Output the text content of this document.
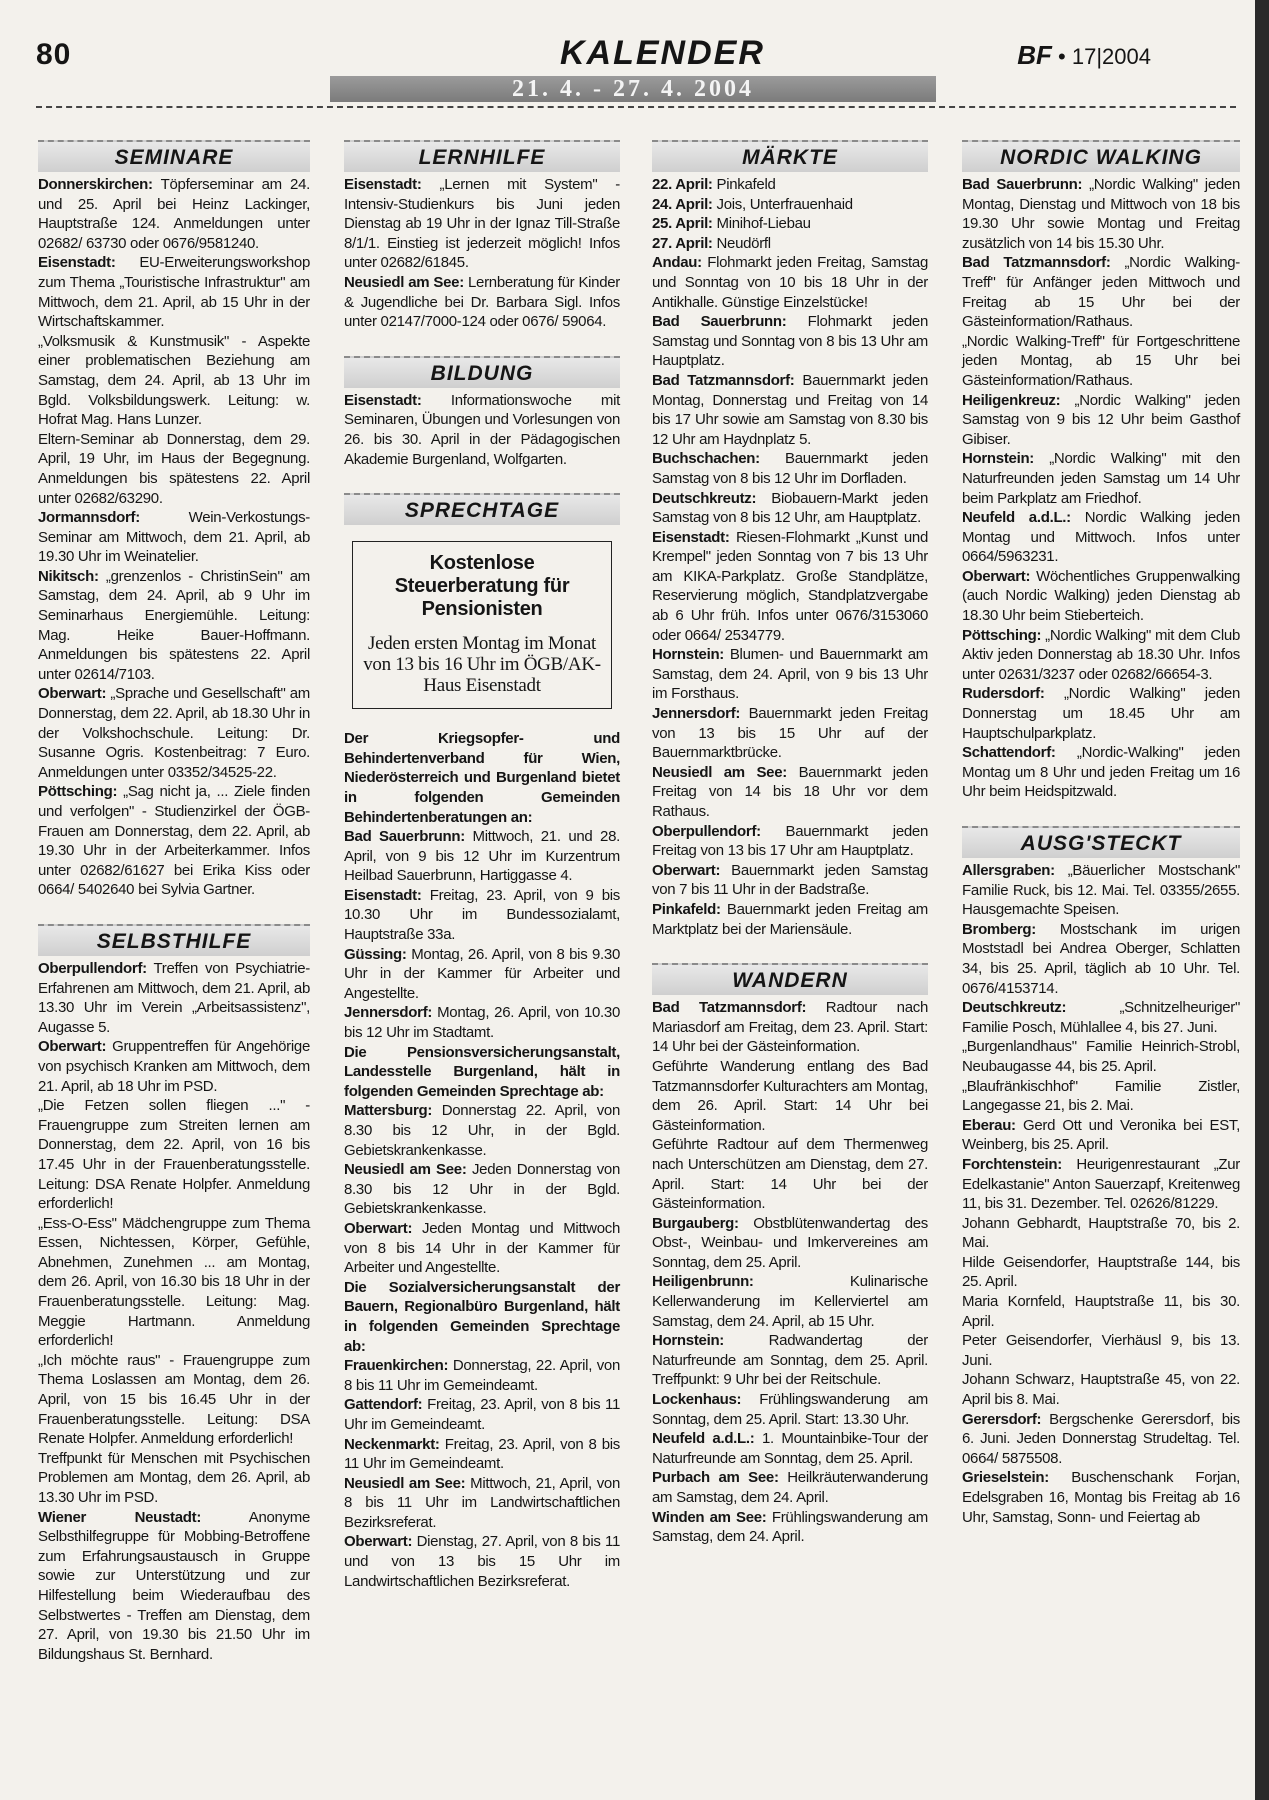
80	KALENDER	BF • 17|2004
21. 4. - 27. 4. 2004
SEMINARE

Donnerskirchen: Töpferseminar am 24. und 25. April bei Heinz Lackinger, Hauptstraße 124. Anmeldungen unter 02682/ 63730 oder 0676/9581240.

Eisenstadt: EU-Erweiterungsworkshop zum Thema „Touristische Infrastruktur" am Mittwoch, dem 21. April, ab 15 Uhr in der Wirtschaftskammer.

„Volksmusik & Kunstmusik" - Aspekte einer problematischen Beziehung am Samstag, dem 24. April, ab 13 Uhr im Bgld. Volksbildungswerk. Leitung: w. Hofrat Mag. Hans Lunzer.

Eltern-Seminar ab Donnerstag, dem 29. April, 19 Uhr, im Haus der Begegnung. Anmeldungen bis spätestens 22. April unter 02682/63290.

Jormannsdorf: Wein-Verkostungs-Seminar am Mittwoch, dem 21. April, ab 19.30 Uhr im Weinatelier.

Nikitsch: „grenzenlos - ChristinSein" am Samstag, dem 24. April, ab 9 Uhr im Seminarhaus Energiemühle. Leitung: Mag. Heike Bauer-Hoffmann. Anmeldungen bis spätestens 22. April unter 02614/7103.

Oberwart: „Sprache und Gesellschaft" am Donnerstag, dem 22. April, ab 18.30 Uhr in der Volkshochschule. Leitung: Dr. Susanne Ogris. Kostenbeitrag: 7 Euro. Anmeldungen unter 03352/34525-22.

Pöttsching: „Sag nicht ja, ... Ziele finden und verfolgen" - Studienzirkel der ÖGB-Frauen am Donnerstag, dem 22. April, ab 19.30 Uhr in der Arbeiterkammer. Infos unter 02682/61627 bei Erika Kiss oder 0664/ 5402640 bei Sylvia Gartner.

SELBSTHILFE

Oberpullendorf: Treffen von Psychiatrie-Erfahrenen am Mittwoch, dem 21. April, ab 13.30 Uhr im Verein „Arbeitsassistenz", Augasse 5.

Oberwart: Gruppentreffen für Angehörige von psychisch Kranken am Mittwoch, dem 21. April, ab 18 Uhr im PSD.

„Die Fetzen sollen fliegen ..." - Frauengruppe zum Streiten lernen am Donnerstag, dem 22. April, von 16 bis 17.45 Uhr in der Frauenberatungsstelle. Leitung: DSA Renate Holpfer. Anmeldung erforderlich!

„Ess-O-Ess" Mädchengruppe zum Thema Essen, Nichtessen, Körper, Gefühle, Abnehmen, Zunehmen ... am Montag, dem 26. April, von 16.30 bis 18 Uhr in der Frauenberatungsstelle. Leitung: Mag. Meggie Hartmann. Anmeldung erforderlich!

„Ich möchte raus" - Frauengruppe zum Thema Loslassen am Montag, dem 26. April, von 15 bis 16.45 Uhr in der Frauenberatungsstelle. Leitung: DSA Renate Holpfer. Anmeldung erforderlich!

Treffpunkt für Menschen mit Psychischen Problemen am Montag, dem 26. April, ab 13.30 Uhr im PSD.

Wiener Neustadt: Anonyme Selbsthilfegruppe für Mobbing-Betroffene zum Erfahrungsaustausch in Gruppe sowie zur Unterstützung und zur Hilfestellung beim Wiederaufbau des Selbstwertes - Treffen am Dienstag, dem 27. April, von 19.30 bis 21.50 Uhr im Bildungshaus St. Bernhard.

LERNHILFE

Eisenstadt: „Lernen mit System" - Intensiv-Studienkurs bis Juni jeden Dienstag ab 19 Uhr in der Ignaz Till-Straße 8/1/1. Einstieg ist jederzeit möglich! Infos unter 02682/61845.

Neusiedl am See: Lernberatung für Kinder & Jugendliche bei Dr. Barbara Sigl. Infos unter 02147/7000-124 oder 0676/ 59064.

BILDUNG

Eisenstadt: Informationswoche mit Seminaren, Übungen und Vorlesungen von 26. bis 30. April in der Pädagogischen Akademie Burgenland, Wolfgarten.

SPRECHTAGE
Kostenlose Steuerberatung für Pensionisten
Jeden ersten Montag im Monat von 13 bis 16 Uhr im ÖGB/AK-Haus Eisenstadt

Der Kriegsopfer- und Behindertenverband für Wien, Niederösterreich und Burgenland bietet in folgenden Gemeinden Behindertenberatungen an:

Bad Sauerbrunn: Mittwoch, 21. und 28. April, von 9 bis 12 Uhr im Kurzentrum Heilbad Sauerbrunn, Hartiggasse 4.

Eisenstadt: Freitag, 23. April, von 9 bis 10.30 Uhr im Bundessozialamt, Hauptstraße 33a.

Güssing: Montag, 26. April, von 8 bis 9.30 Uhr in der Kammer für Arbeiter und Angestellte.

Jennersdorf: Montag, 26. April, von 10.30 bis 12 Uhr im Stadtamt.

Die Pensionsversicherungsanstalt, Landesstelle Burgenland, hält in folgenden Gemeinden Sprechtage ab:

Mattersburg: Donnerstag 22. April, von 8.30 bis 12 Uhr, in der Bgld. Gebietskrankenkasse.

Neusiedl am See: Jeden Donnerstag von 8.30 bis 12 Uhr in der Bgld. Gebietskrankenkasse.

Oberwart: Jeden Montag und Mittwoch von 8 bis 14 Uhr in der Kammer für Arbeiter und Angestellte.

Die Sozialversicherungsanstalt der Bauern, Regionalbüro Burgenland, hält in folgenden Gemeinden Sprechtage ab:

Frauenkirchen: Donnerstag, 22. April, von 8 bis 11 Uhr im Gemeindeamt.

Gattendorf: Freitag, 23. April, von 8 bis 11 Uhr im Gemeindeamt.

Neckenmarkt: Freitag, 23. April, von 8 bis 11 Uhr im Gemeindeamt.

Neusiedl am See: Mittwoch, 21, April, von 8 bis 11 Uhr im Landwirtschaftlichen Bezirksreferat.

Oberwart: Dienstag, 27. April, von 8 bis 11 und von 13 bis 15 Uhr im Landwirtschaftlichen Bezirksreferat.

MÄRKTE

22. April: Pinkafeld

24. April: Jois, Unterfrauenhaid

25. April: Minihof-Liebau

27. April: Neudörfl

Andau: Flohmarkt jeden Freitag, Samstag und Sonntag von 10 bis 18 Uhr in der Antikhalle. Günstige Einzelstücke!

Bad Sauerbrunn: Flohmarkt jeden Samstag und Sonntag von 8 bis 13 Uhr am Hauptplatz.

Bad Tatzmannsdorf: Bauernmarkt jeden Montag, Donnerstag und Freitag von 14 bis 17 Uhr sowie am Samstag von 8.30 bis 12 Uhr am Haydnplatz 5.

Buchschachen: Bauernmarkt jeden Samstag von 8 bis 12 Uhr im Dorfladen.

Deutschkreutz: Biobauern-Markt jeden Samstag von 8 bis 12 Uhr, am Hauptplatz.

Eisenstadt: Riesen-Flohmarkt „Kunst und Krempel" jeden Sonntag von 7 bis 13 Uhr am KIKA-Parkplatz. Große Standplätze, Reservierung möglich, Standplatzvergabe ab 6 Uhr früh. Infos unter 0676/3153060 oder 0664/ 2534779.

Hornstein: Blumen- und Bauernmarkt am Samstag, dem 24. April, von 9 bis 13 Uhr im Forsthaus.

Jennersdorf: Bauernmarkt jeden Freitag von 13 bis 15 Uhr auf der Bauernmarktbrücke.

Neusiedl am See: Bauernmarkt jeden Freitag von 14 bis 18 Uhr vor dem Rathaus.

Oberpullendorf: Bauernmarkt jeden Freitag von 13 bis 17 Uhr am Hauptplatz.

Oberwart: Bauernmarkt jeden Samstag von 7 bis 11 Uhr in der Badstraße.

Pinkafeld: Bauernmarkt jeden Freitag am Marktplatz bei der Mariensäule.

WANDERN

Bad Tatzmannsdorf: Radtour nach Mariasdorf am Freitag, dem 23. April. Start: 14 Uhr bei der Gästeinformation.

Geführte Wanderung entlang des Bad Tatzmannsdorfer Kulturachters am Montag, dem 26. April. Start: 14 Uhr bei Gästeinformation.

Geführte Radtour auf dem Thermenweg nach Unterschützen am Dienstag, dem 27. April. Start: 14 Uhr bei der Gästeinformation.

Burgauberg: Obstblütenwandertag des Obst-, Weinbau- und Imkervereines am Sonntag, dem 25. April.

Heiligenbrunn: Kulinarische Kellerwanderung im Kellerviertel am Samstag, dem 24. April, ab 15 Uhr.

Hornstein: Radwandertag der Naturfreunde am Sonntag, dem 25. April. Treffpunkt: 9 Uhr bei der Reitschule.

Lockenhaus: Frühlingswanderung am Sonntag, dem 25. April. Start: 13.30 Uhr.

Neufeld a.d.L.: 1. Mountainbike-Tour der Naturfreunde am Sonntag, dem 25. April.

Purbach am See: Heilkräuterwanderung am Samstag, dem 24. April.

Winden am See: Frühlingswanderung am Samstag, dem 24. April.

NORDIC WALKING

Bad Sauerbrunn: „Nordic Walking" jeden Montag, Dienstag und Mittwoch von 18 bis 19.30 Uhr sowie Montag und Freitag zusätzlich von 14 bis 15.30 Uhr.

Bad Tatzmannsdorf: „Nordic Walking-Treff" für Anfänger jeden Mittwoch und Freitag ab 15 Uhr bei der Gästeinformation/Rathaus.

„Nordic Walking-Treff" für Fortgeschrittene jeden Montag, ab 15 Uhr bei Gästeinformation/Rathaus.

Heiligenkreuz: „Nordic Walking" jeden Samstag von 9 bis 12 Uhr beim Gasthof Gibiser.

Hornstein: „Nordic Walking" mit den Naturfreunden jeden Samstag um 14 Uhr beim Parkplatz am Friedhof.

Neufeld a.d.L.: Nordic Walking jeden Montag und Mittwoch. Infos unter 0664/5963231.

Oberwart: Wöchentliches Gruppenwalking (auch Nordic Walking) jeden Dienstag ab 18.30 Uhr beim Stieberteich.

Pöttsching: „Nordic Walking" mit dem Club Aktiv jeden Donnerstag ab 18.30 Uhr. Infos unter 02631/3237 oder 02682/66654-3.

Rudersdorf: „Nordic Walking" jeden Donnerstag um 18.45 Uhr am Hauptschulparkplatz.

Schattendorf: „Nordic-Walking" jeden Montag um 8 Uhr und jeden Freitag um 16 Uhr beim Heidspitzwald.

AUSG'STECKT

Allersgraben: „Bäuerlicher Mostschank" Familie Ruck, bis 12. Mai. Tel. 03355/2655. Hausgemachte Speisen.

Bromberg: Mostschank im urigen Moststadl bei Andrea Oberger, Schlatten 34, bis 25. April, täglich ab 10 Uhr. Tel. 0676/4153714.

Deutschkreutz: „Schnitzelheuriger" Familie Posch, Mühlallee 4, bis 27. Juni.

„Burgenlandhaus" Familie Heinrich-Strobl, Neubaugasse 44, bis 25. April.

„Blaufränkischhof" Familie Zistler, Langegasse 21, bis 2. Mai.

Eberau: Gerd Ott und Veronika bei EST, Weinberg, bis 25. April.

Forchtenstein: Heurigenrestaurant „Zur Edelkastanie" Anton Sauerzapf, Kreitenweg 11, bis 31. Dezember. Tel. 02626/81229.

Johann Gebhardt, Hauptstraße 70, bis 2. Mai.

Hilde Geisendorfer, Hauptstraße 144, bis 25. April.

Maria Kornfeld, Hauptstraße 11, bis 30. April.

Peter Geisendorfer, Vierhäusl 9, bis 13. Juni.

Johann Schwarz, Hauptstraße 45, von 22. April bis 8. Mai.

Gerersdorf: Bergschenke Gerersdorf, bis 6. Juni. Jeden Donnerstag Strudeltag. Tel. 0664/ 5875508.

Grieselstein: Buschenschank Forjan, Edelsgraben 16, Montag bis Freitag ab 16 Uhr, Samstag, Sonn- und Feiertag ab
